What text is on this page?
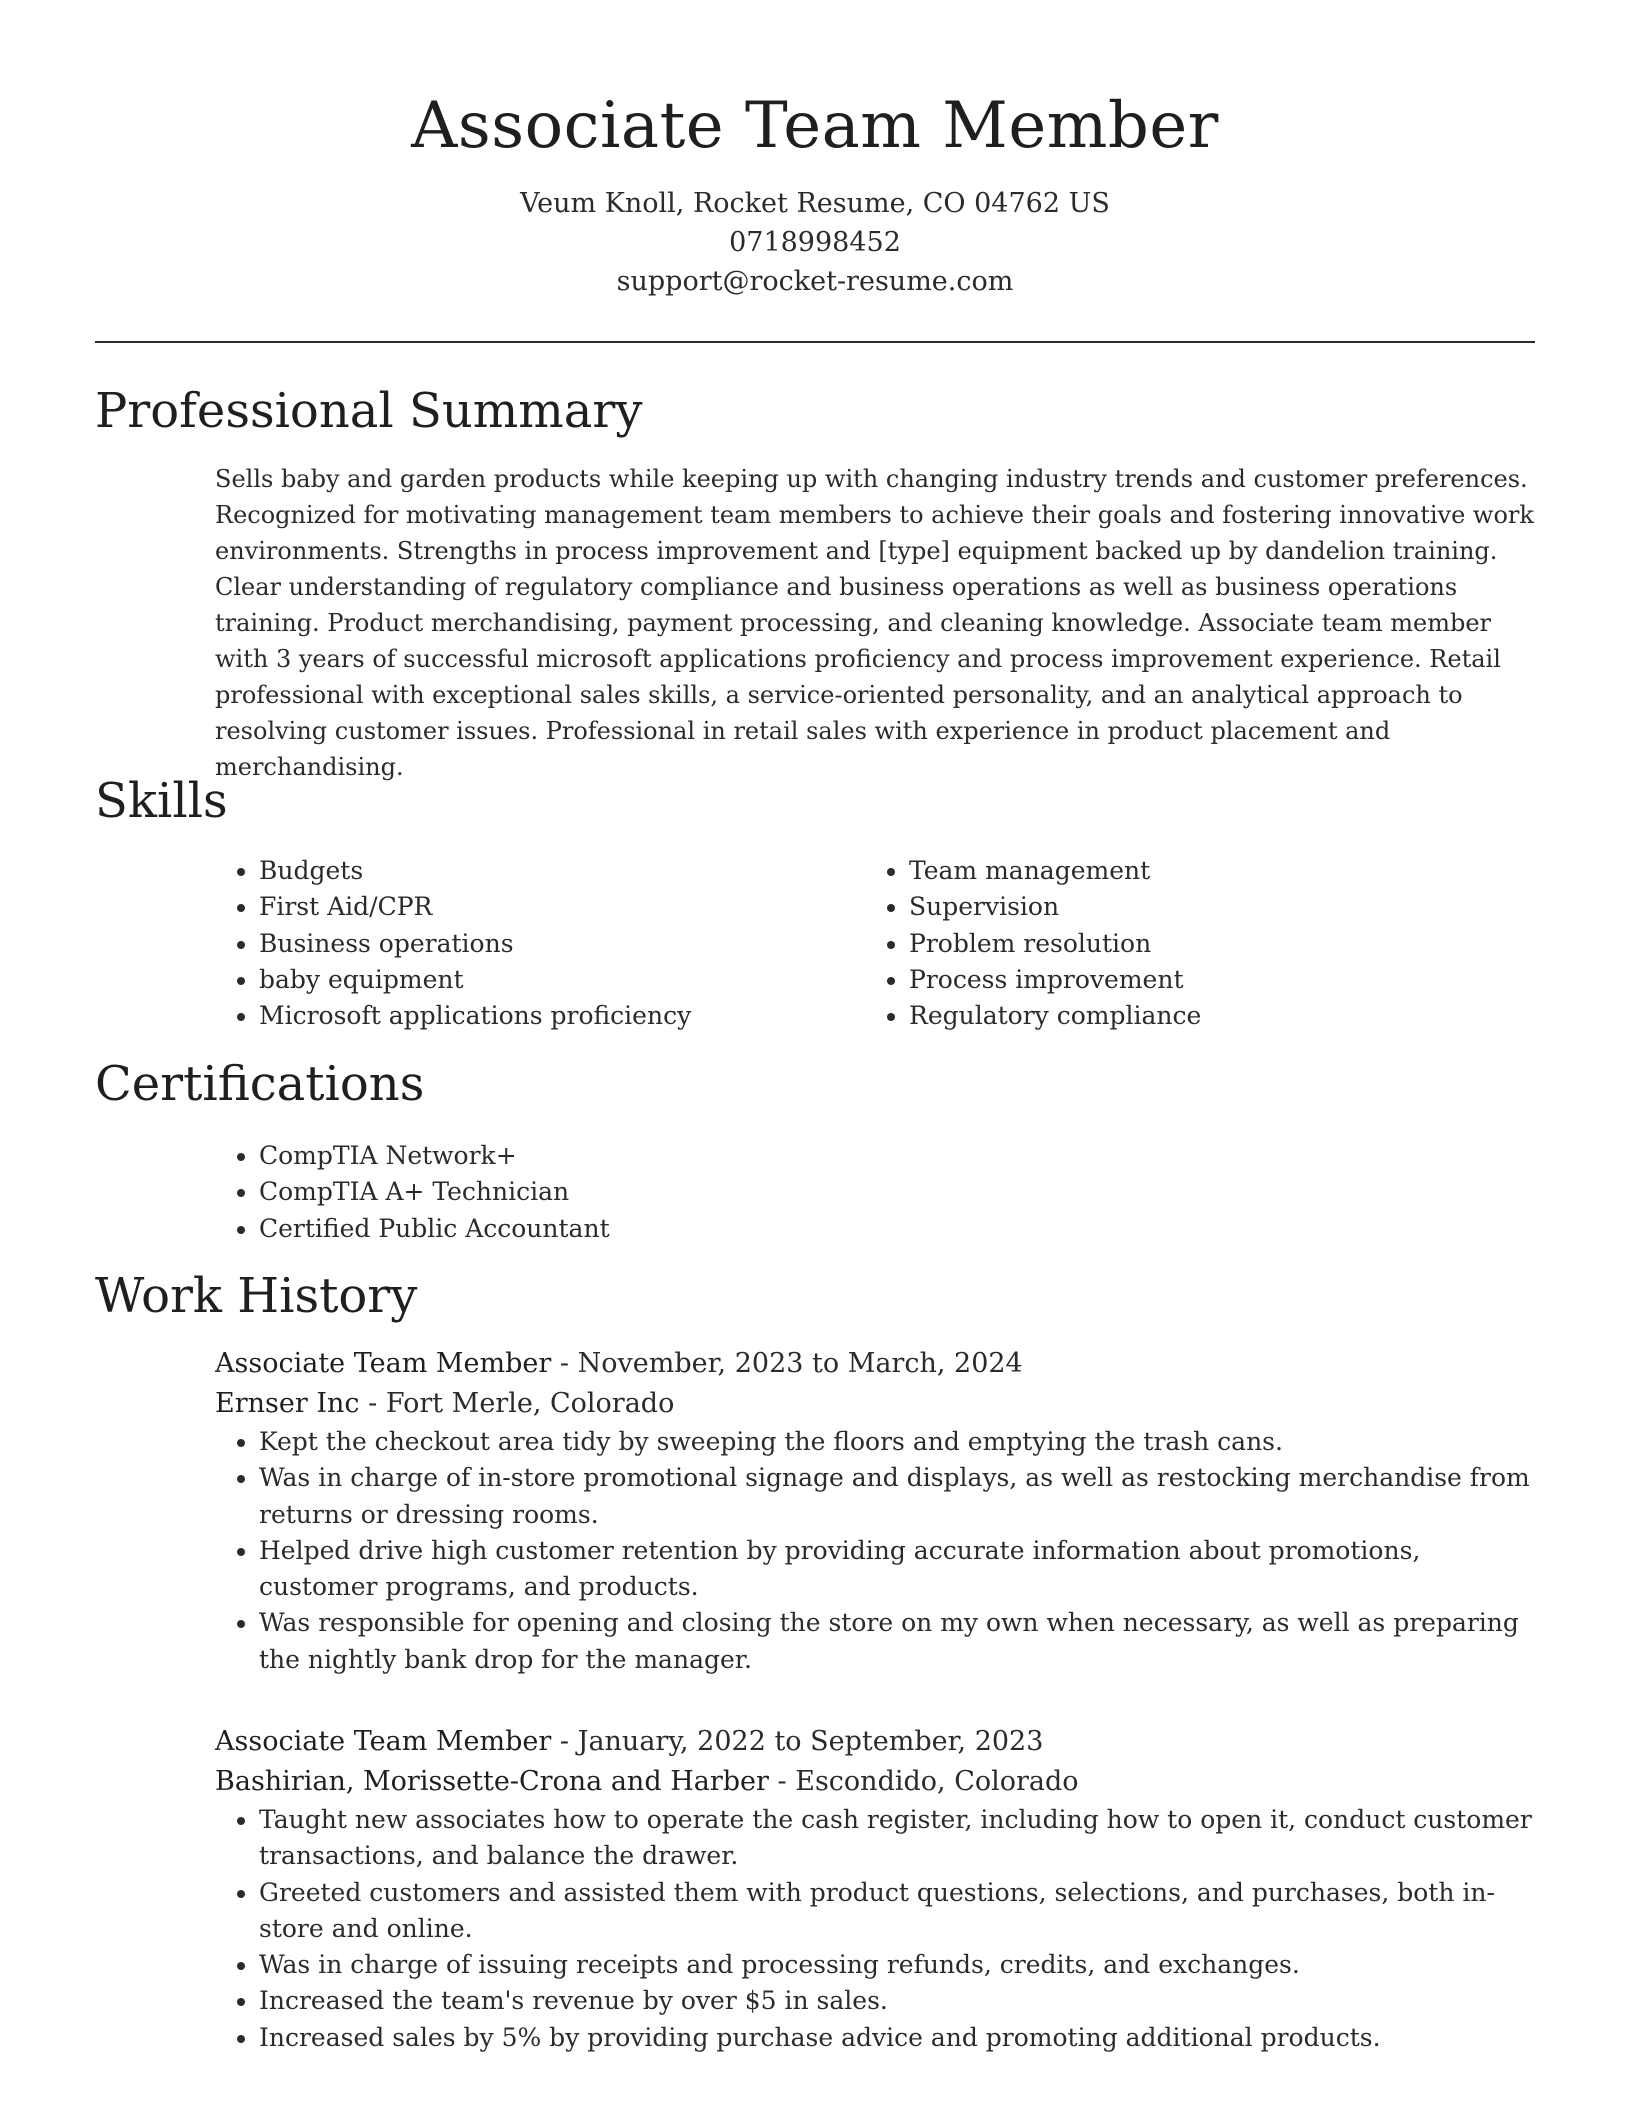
Associate Team Member
Veum Knoll, Rocket Resume, CO 04762 US
0718998452
support@rocket-resume.com
Professional Summary

Sells baby and garden products while keeping up with changing industry trends and customer preferences. Recognized for motivating management team members to achieve their goals and fostering innovative work environments. Strengths in process improvement and [type] equipment backed up by dandelion training. Clear understanding of regulatory compliance and business operations as well as business operations training. Product merchandising, payment processing, and cleaning knowledge. Associate team member with 3 years of successful microsoft applications proficiency and process improvement experience. Retail professional with exceptional sales skills, a service-oriented personality, and an analytical approach to resolving customer issues. Professional in retail sales with experience in product placement and merchandising.

Skills
• Budgets
• First Aid/CPR
• Business operations
• baby equipment
• Microsoft applications proficiency
• Team management
• Supervision
• Problem resolution
• Process improvement
• Regulatory compliance
Certifications
• CompTIA Network+
• CompTIA A+ Technician
• Certified Public Accountant
Work History
Associate Team Member - November, 2023 to March, 2024
Ernser Inc - Fort Merle, Colorado
• Kept the checkout area tidy by sweeping the floors and emptying the trash cans.
• Was in charge of in-store promotional signage and displays, as well as restocking merchandise from returns or dressing rooms.
• Helped drive high customer retention by providing accurate information about promotions, customer programs, and products.
• Was responsible for opening and closing the store on my own when necessary, as well as preparing the nightly bank drop for the manager.
Associate Team Member - January, 2022 to September, 2023
Bashirian, Morissette-Crona and Harber - Escondido, Colorado
• Taught new associates how to operate the cash register, including how to open it, conduct customer transactions, and balance the drawer.
• Greeted customers and assisted them with product questions, selections, and purchases, both in-store and online.
• Was in charge of issuing receipts and processing refunds, credits, and exchanges.
• Increased the team's revenue by over $5 in sales.
• Increased sales by 5% by providing purchase advice and promoting additional products.
